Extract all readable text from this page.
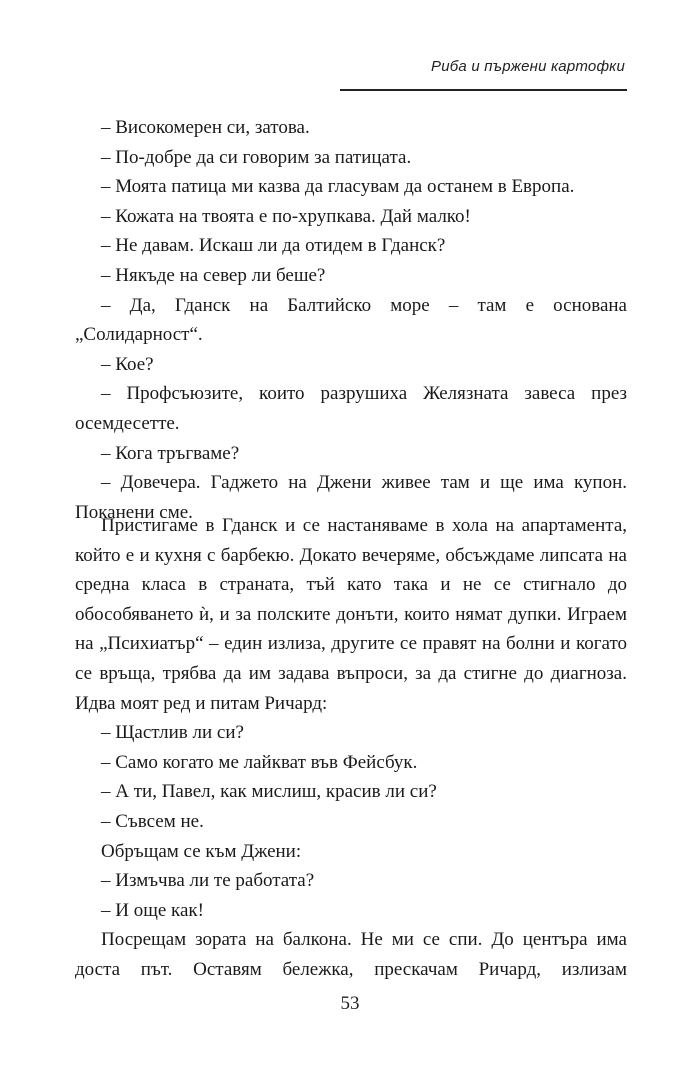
Риба и пържени картофки

– Високомерен си, затова.

– По-добре да си говорим за патицата.

– Моята патица ми казва да гласувам да останем в Европа.

– Кожата на твоята е по-хрупкава. Дай малко!

– Не давам. Искаш ли да отидем в Гданск?

– Някъде на север ли беше?

– Да, Гданск на Балтийско море – там е основана „Солидарност“.

– Кое?

– Профсъюзите, които разрушиха Желязната завеса през осемдесетте.

– Кога тръгваме?

– Довечера. Гаджето на Джени живее там и ще има купон. Поканени сме.

Пристигаме в Гданск и се настаняваме в хола на апартамента, който е и кухня с барбекю. Докато вечеряме, обсъждаме липсата на средна класа в страната, тъй като така и не се стигнало до обособяването ѝ, и за полските донъти, които нямат дупки. Играем на „Психиатър“ – един излиза, другите се правят на болни и когато се връща, трябва да им задава въпроси, за да стигне до диагноза. Идва моят ред и питам Ричард:

– Щастлив ли си?

– Само когато ме лайкват във Фейсбук.

– А ти, Павел, как мислиш, красив ли си?

– Съвсем не.

Обръщам се към Джени:

– Измъчва ли те работата?

– И още как!

Посрещам зората на балкона. Не ми се спи. До центъра има доста път. Оставям бележка, прескачам Ричард, излизам

53
